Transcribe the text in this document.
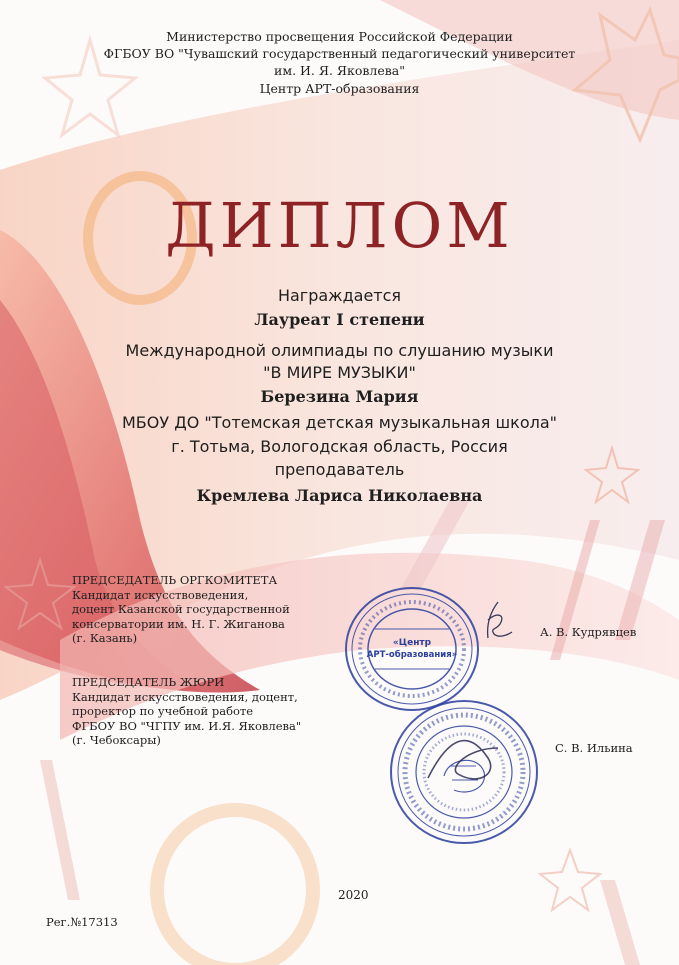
Министерство просвещения Российской Федерации
ФГБОУ ВО "Чувашский государственный педагогический университет
им. И. Я. Яковлева"
Центр АРТ-образования
ДИПЛОМ
Награждается
Лауреат I степени
Международной олимпиады по слушанию музыки
"В МИРЕ МУЗЫКИ"
Березина Мария
МБОУ ДО "Тотемская детская музыкальная школа"
г. Тотьма, Вологодская область, Россия
преподаватель
Кремлева Лариса Николаевна
ПРЕДСЕДАТЕЛЬ ОРГКОМИТЕТА
Кандидат искусствоведения,
доцент Казанской государственной
консерватории им. Н. Г. Жиганова
(г. Казань)	А. В. Кудрявцев
ПРЕДСЕДАТЕЛЬ ЖЮРИ
Кандидат искусствоведения, доцент,
проректор по учебной работе
ФГБОУ ВО "ЧГПУ им. И.Я. Яковлева"
(г. Чебоксары)
С. В. Ильина
«Центр
АРТ-образования»
2020
Рег.№17313
